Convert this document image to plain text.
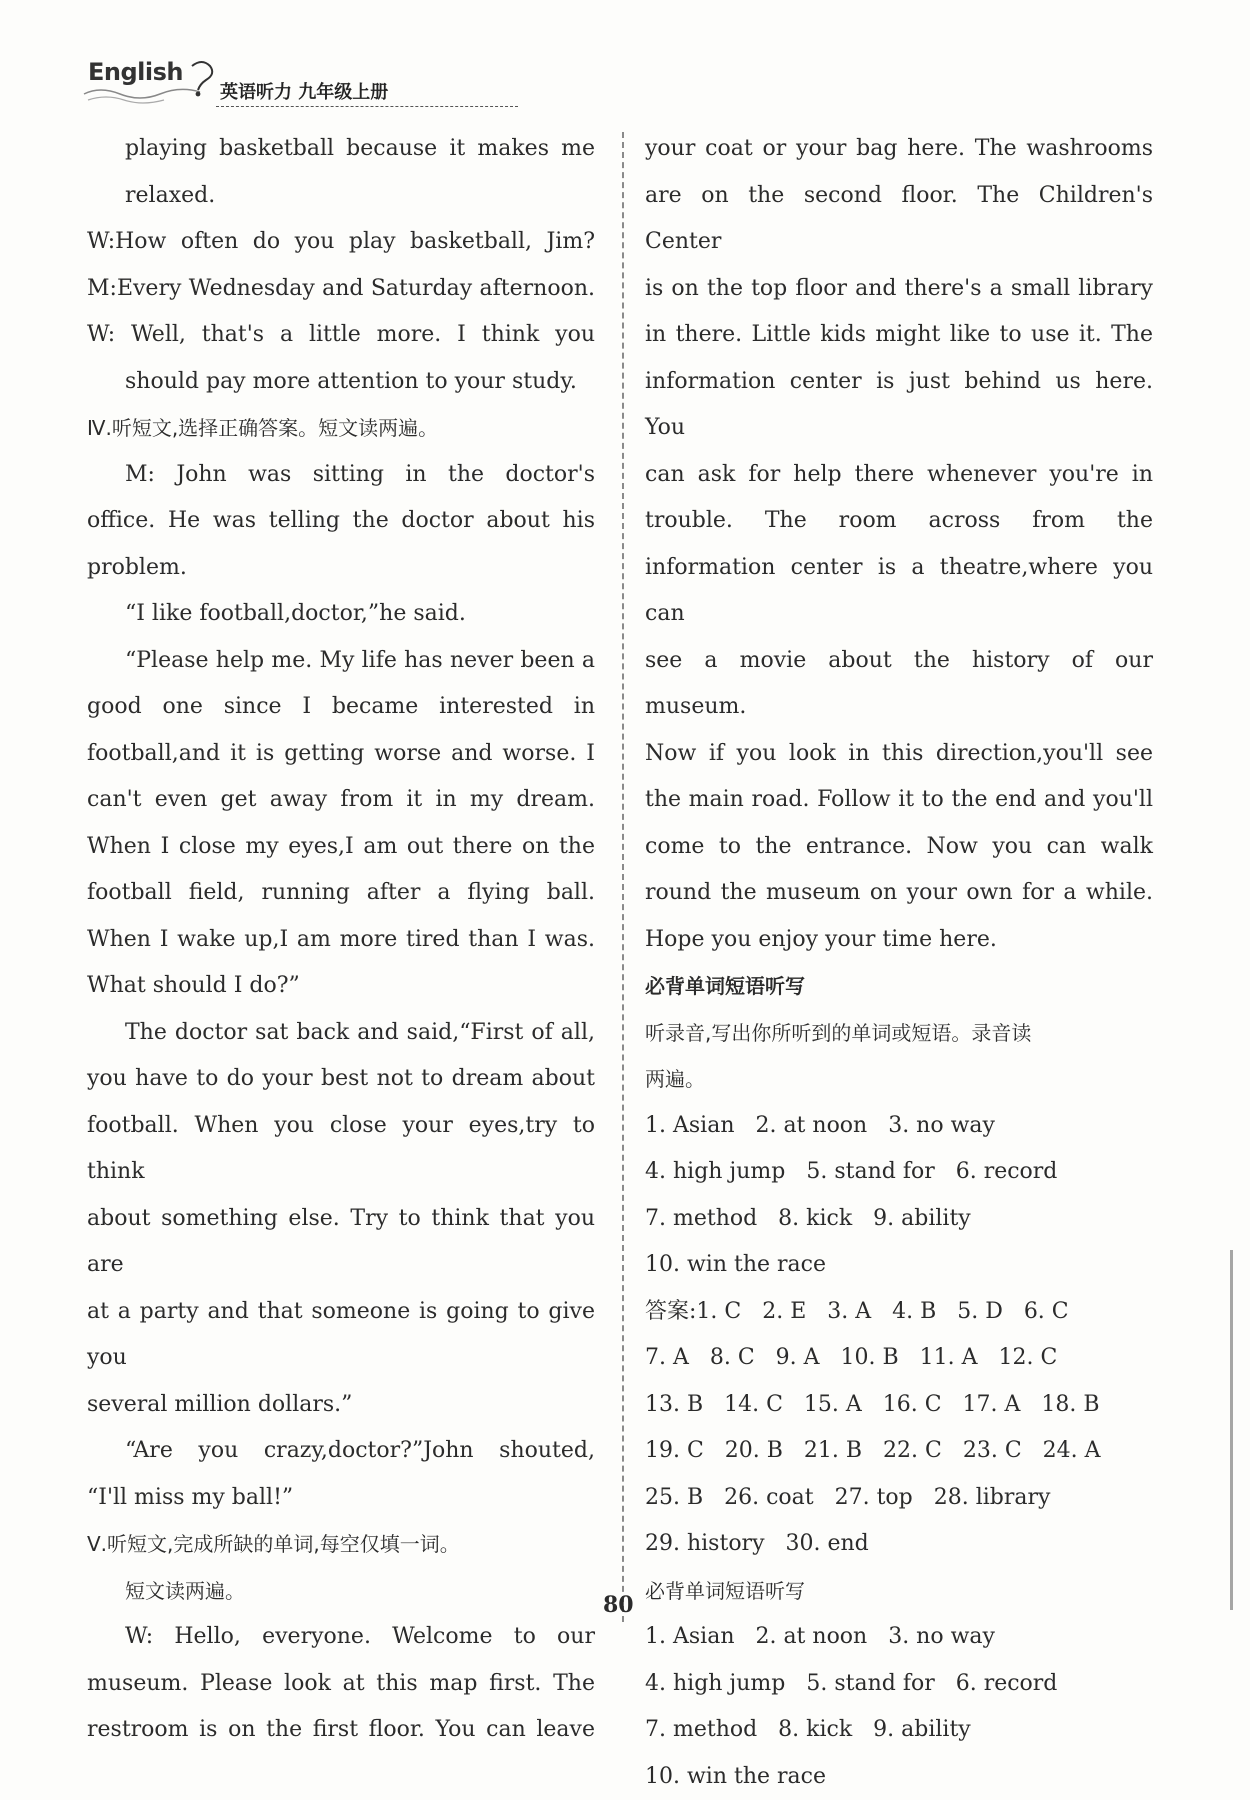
English
英语听力 九年级上册

playing basketball because it makes me

relaxed.

W:How often do you play basketball, Jim?

M:Every Wednesday and Saturday afternoon.

W: Well, that's a little more. I think you

should pay more attention to your study.

Ⅳ.听短文,选择正确答案。短文读两遍。

M: John was sitting in the doctor's

office. He was telling the doctor about his

problem.

“I like football,doctor,”he said.

“Please help me. My life has never been a

good one since I became interested in

football,and it is getting worse and worse. I

can't even get away from it in my dream.

When I close my eyes,I am out there on the

football field, running after a flying ball.

When I wake up,I am more tired than I was.

What should I do?”

The doctor sat back and said,“First of all,

you have to do your best not to dream about

football. When you close your eyes,try to think

about something else. Try to think that you are

at a party and that someone is going to give you

several million dollars.”

“Are you crazy,doctor?”John shouted,

“I'll miss my ball!”

Ⅴ.听短文,完成所缺的单词,每空仅填一词。

短文读两遍。

W: Hello, everyone. Welcome to our

museum. Please look at this map first. The

restroom is on the first floor. You can leave

your coat or your bag here. The washrooms

are on the second floor. The Children's Center

is on the top floor and there's a small library

in there. Little kids might like to use it. The

information center is just behind us here. You

can ask for help there whenever you're in

trouble. The room across from the

information center is a theatre,where you can

see a movie about the history of our museum.

Now if you look in this direction,you'll see

the main road. Follow it to the end and you'll

come to the entrance. Now you can walk

round the museum on your own for a while.

Hope you enjoy your time here.

必背单词短语听写

听录音,写出你所听到的单词或短语。录音读

两遍。

1. Asian   2. at noon   3. no way

4. high jump   5. stand for   6. record

7. method   8. kick   9. ability

10. win the race

答案:1. C   2. E   3. A   4. B   5. D   6. C

7. A   8. C   9. A   10. B   11. A   12. C

13. B   14. C   15. A   16. C   17. A   18. B

19. C   20. B   21. B   22. C   23. C   24. A

25. B   26. coat   27. top   28. library

29. history   30. end

必背单词短语听写

1. Asian   2. at noon   3. no way

4. high jump   5. stand for   6. record

7. method   8. kick   9. ability

10. win the race

80
